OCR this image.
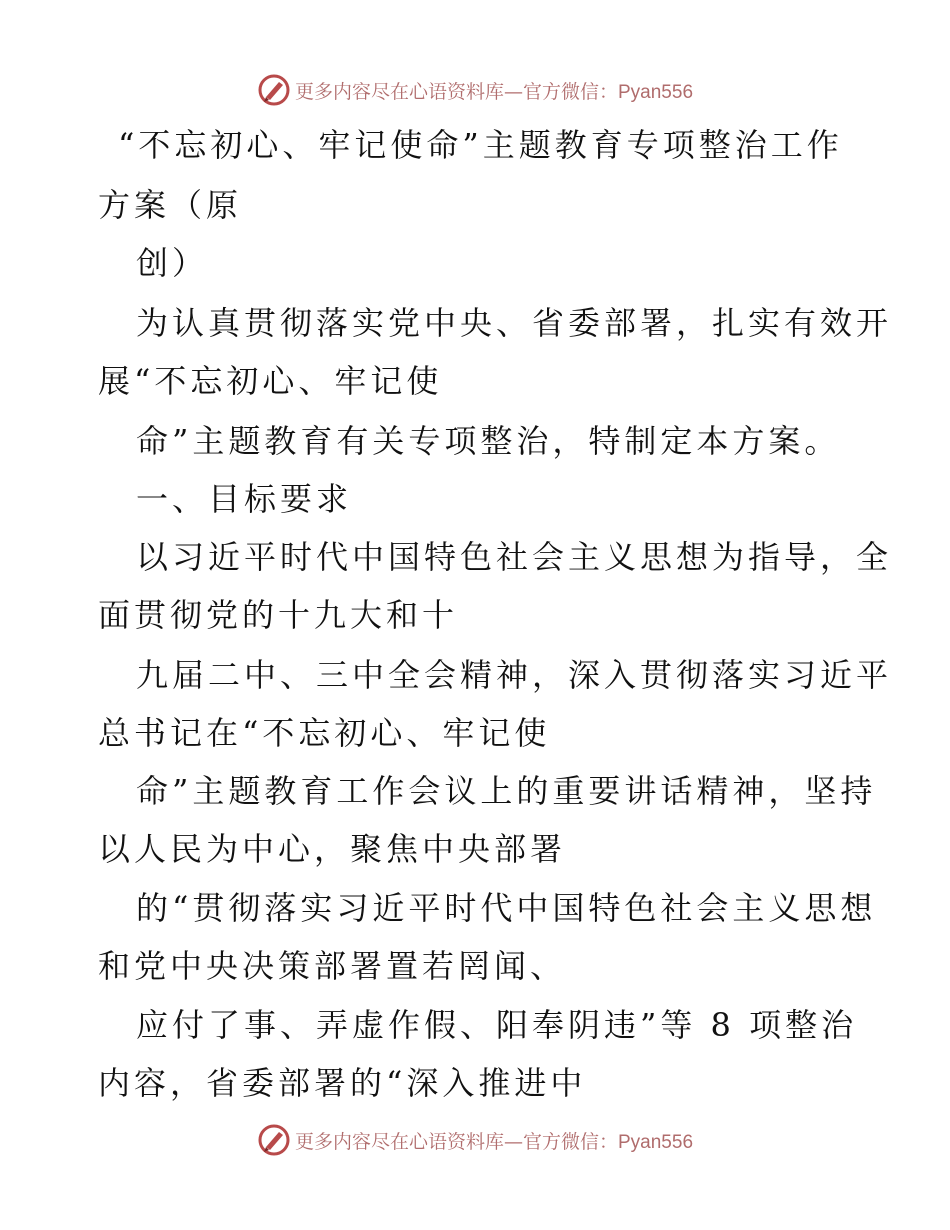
更多内容尽在心语资料库—官方微信：Pyan556
“不忘初心、牢记使命”主题教育专项整治工作
方案（原
创）
为认真贯彻落实党中央、省委部署，扎实有效开
展“不忘初心、牢记使
命”主题教育有关专项整治，特制定本方案。
一、目标要求
以习近平时代中国特色社会主义思想为指导，全
面贯彻党的十九大和十
九届二中、三中全会精神，深入贯彻落实习近平
总书记在“不忘初心、牢记使
命”主题教育工作会议上的重要讲话精神，坚持
以人民为中心，聚焦中央部署
的“贯彻落实习近平时代中国特色社会主义思想
和党中央决策部署置若罔闻、
应付了事、弄虚作假、阳奉阴违”等 8 项整治
内容，省委部署的“深入推进中
更多内容尽在心语资料库—官方微信：Pyan556
